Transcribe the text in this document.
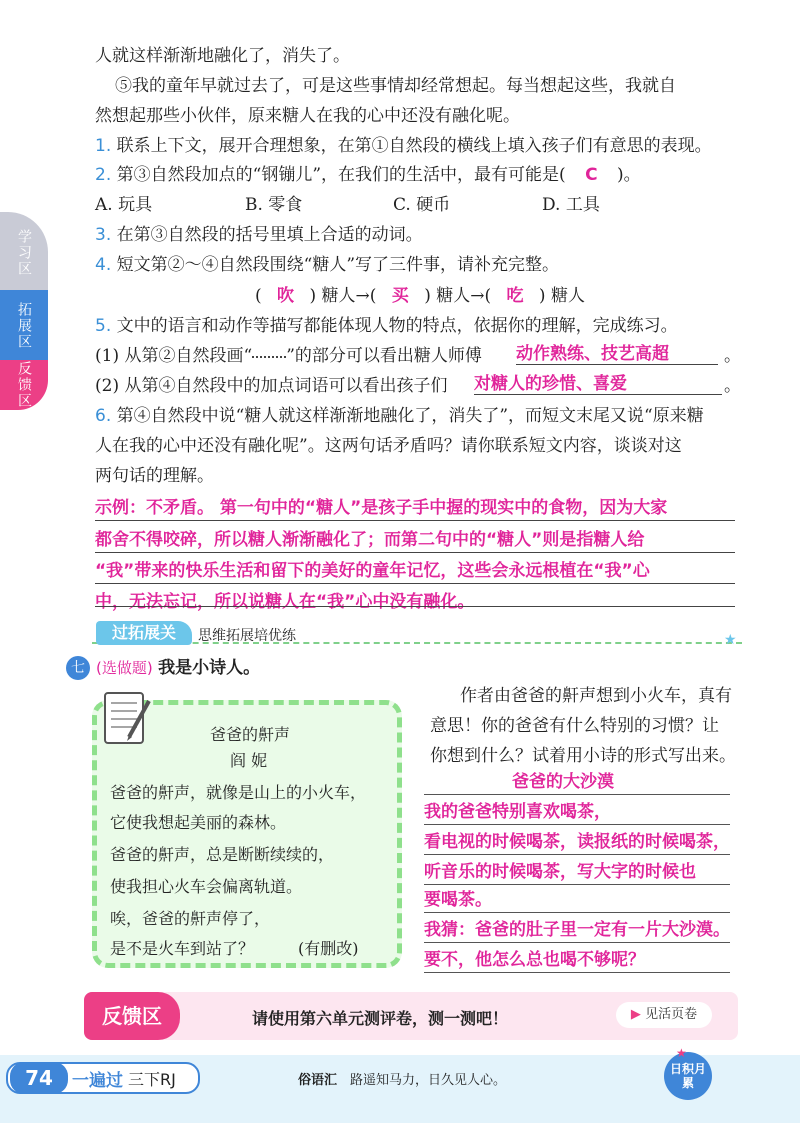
学习区
拓展区
反馈区
人就这样渐渐地融化了，消失了。
⑤我的童年早就过去了，可是这些事情却经常想起。每当想起这些，我就自
然想起那些小伙伴，原来糖人在我的心中还没有融化呢。
1. 联系上下文，展开合理想象，在第①自然段的横线上填入孩子们有意思的表现。
2. 第③自然段加点的“钢镚儿”，在我们的生活中，最有可能是( C )。
A. 玩具	B. 零食	C. 硬币	D. 工具
3. 在第③自然段的括号里填上合适的动词。
4. 短文第②～④自然段围绕“糖人”写了三件事，请补充完整。
( 吹 ) 糖人→( 买 ) 糖人→( 吃 ) 糖人
5. 文中的语言和动作等描写都能体现人物的特点，依据你的理解，完成练习。
(1) 从第②自然段画“ ”的部分可以看出糖人师傅 动作熟练、技艺高超	。
(2) 从第④自然段中的加点词语可以看出孩子们 对糖人的珍惜、喜爱	。
6. 第④自然段中说“糖人就这样渐渐地融化了，消失了”，而短文末尾又说“原来糖
人在我的心中还没有融化呢”。这两句话矛盾吗？请你联系短文内容，谈谈对这
两句话的理解。
示例：不矛盾。 第一句中的“糖人”是孩子手中握的现实中的食物，因为大家
都舍不得咬碎，所以糖人渐渐融化了；而第二句中的“糖人”则是指糖人给
“我”带来的快乐生活和留下的美好的童年记忆，这些会永远根植在“我”心
中，无法忘记，所以说糖人在“我”心中没有融化。
过拓展关	思维拓展培优练	★
七 (选做题) 我是小诗人。
爸爸的鼾声
阎 妮
爸爸的鼾声，就像是山上的小火车，
它使我想起美丽的森林。
爸爸的鼾声，总是断断续续的，
使我担心火车会偏离轨道。
唉，爸爸的鼾声停了，
是不是火车到站了？	(有删改)
作者由爸爸的鼾声想到小火车，真有
意思！你的爸爸有什么特别的习惯？让
你想到什么？试着用小诗的形式写出来。
爸爸的大沙漠
我的爸爸特别喜欢喝茶，
看电视的时候喝茶，读报纸的时候喝茶，
听音乐的时候喝茶，写大字的时候也
要喝茶。
我猜：爸爸的肚子里一定有一片大沙漠。
要不，他怎么总也喝不够呢？
反馈区	请使用第六单元测评卷，测一测吧！	▶ 见活页卷
74	一遍过 三下RJ	俗语汇 路遥知马力，日久见人心。
日积月累
★
